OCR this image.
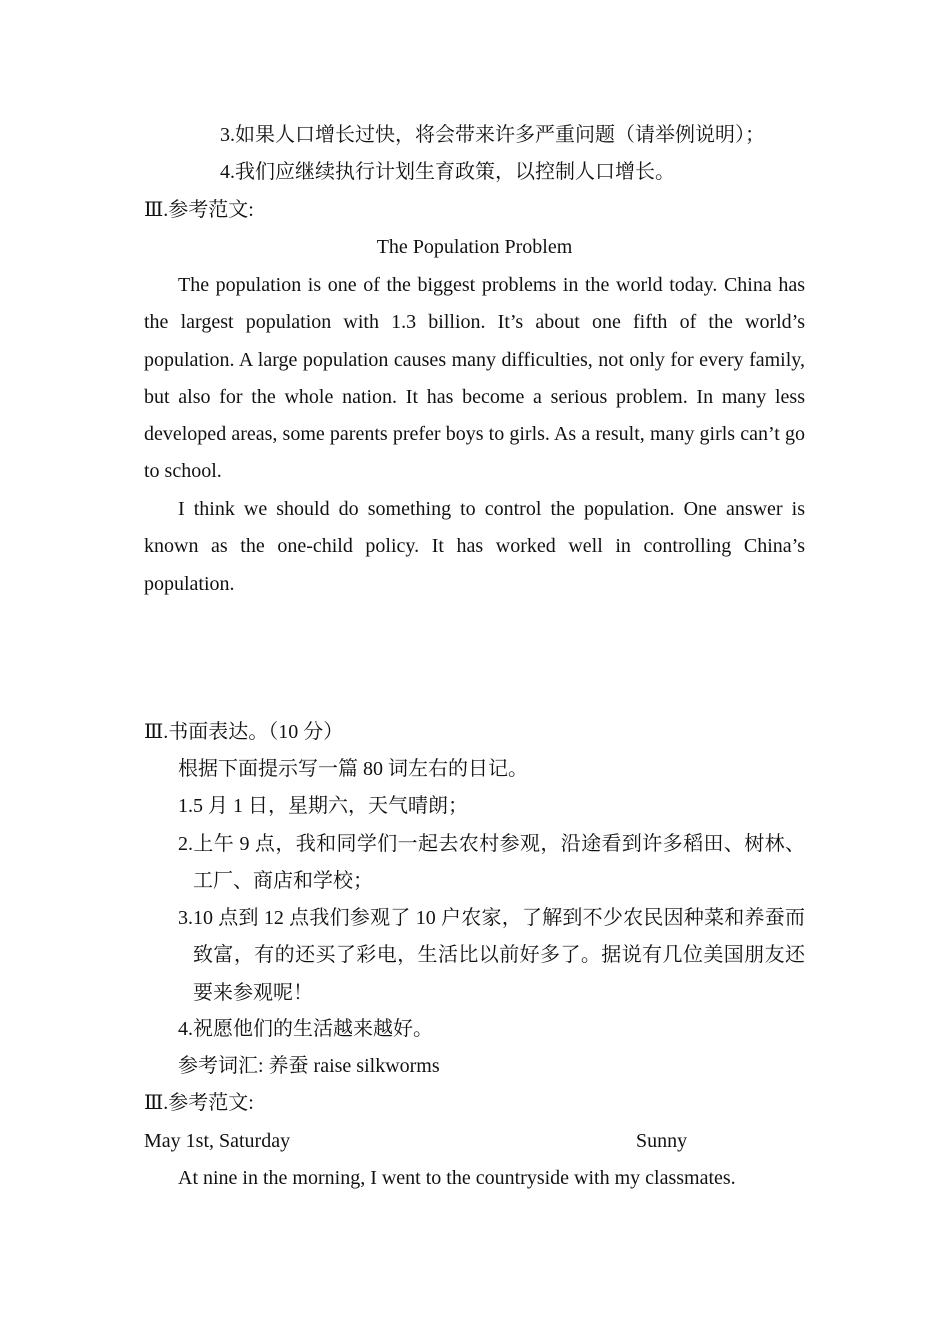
3.如果人口增长过快，将会带来许多严重问题（请举例说明）；
4.我们应继续执行计划生育政策，以控制人口增长。
Ⅲ.参考范文:
The Population Problem
The population is one of the biggest problems in the world today. China has the largest population with 1.3 billion. It’s about one fifth of the world’s population. A large population causes many difficulties, not only for every family, but also for the whole nation. It has become a serious problem. In many less developed areas, some parents prefer boys to girls. As a result, many girls can’t go to school.
I think we should do something to control the population. One answer is known as the one-child policy. It has worked well in controlling China’s population.
Ⅲ.书面表达。（10 分）
根据下面提示写一篇 80 词左右的日记。
1.5 月 1 日，星期六，天气晴朗；
2.上午 9 点，我和同学们一起去农村参观，沿途看到许多稻田、树林、工厂、商店和学校；
3.10 点到 12 点我们参观了 10 户农家，了解到不少农民因种菜和养蚕而致富，有的还买了彩电，生活比以前好多了。据说有几位美国朋友还要来参观呢！
4.祝愿他们的生活越来越好。
参考词汇: 养蚕 raise silkworms
Ⅲ.参考范文:
May 1st, Saturday	Sunny
At nine in the morning, I went to the countryside with my classmates.
